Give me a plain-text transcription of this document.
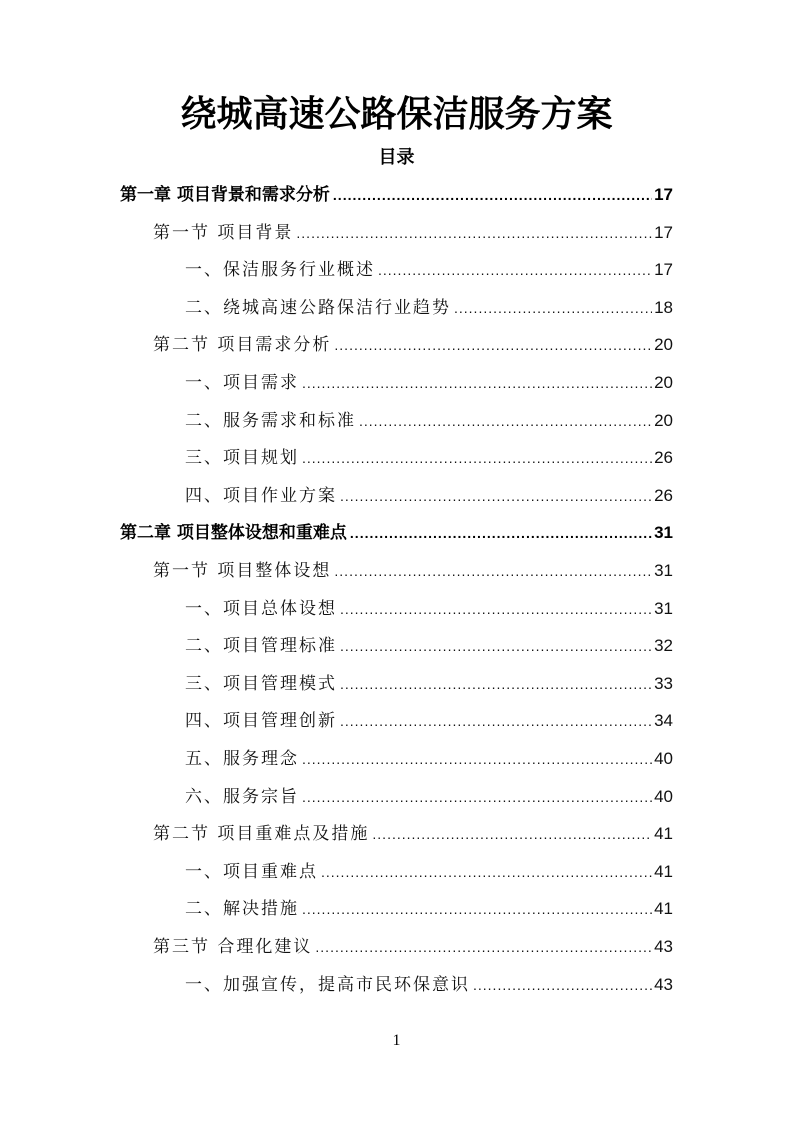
绕城高速公路保洁服务方案
目录
第一章 项目背景和需求分析 .....	17
第一节 项目背景 .....	17
一、保洁服务行业概述 .....	17
二、绕城高速公路保洁行业趋势 .....	18
第二节 项目需求分析 .....	20
一、项目需求 .....	20
二、服务需求和标准 .....	20
三、项目规划 .....	26
四、项目作业方案 .....	26
第二章 项目整体设想和重难点 .....	31
第一节 项目整体设想 .....	31
一、项目总体设想 .....	31
二、项目管理标准 .....	32
三、项目管理模式 .....	33
四、项目管理创新 .....	34
五、服务理念 .....	40
六、服务宗旨 .....	40
第二节 项目重难点及措施 .....	41
一、项目重难点 .....	41
二、解决措施 .....	41
第三节 合理化建议 .....	43
一、加强宣传，提高市民环保意识 .....	43
1
